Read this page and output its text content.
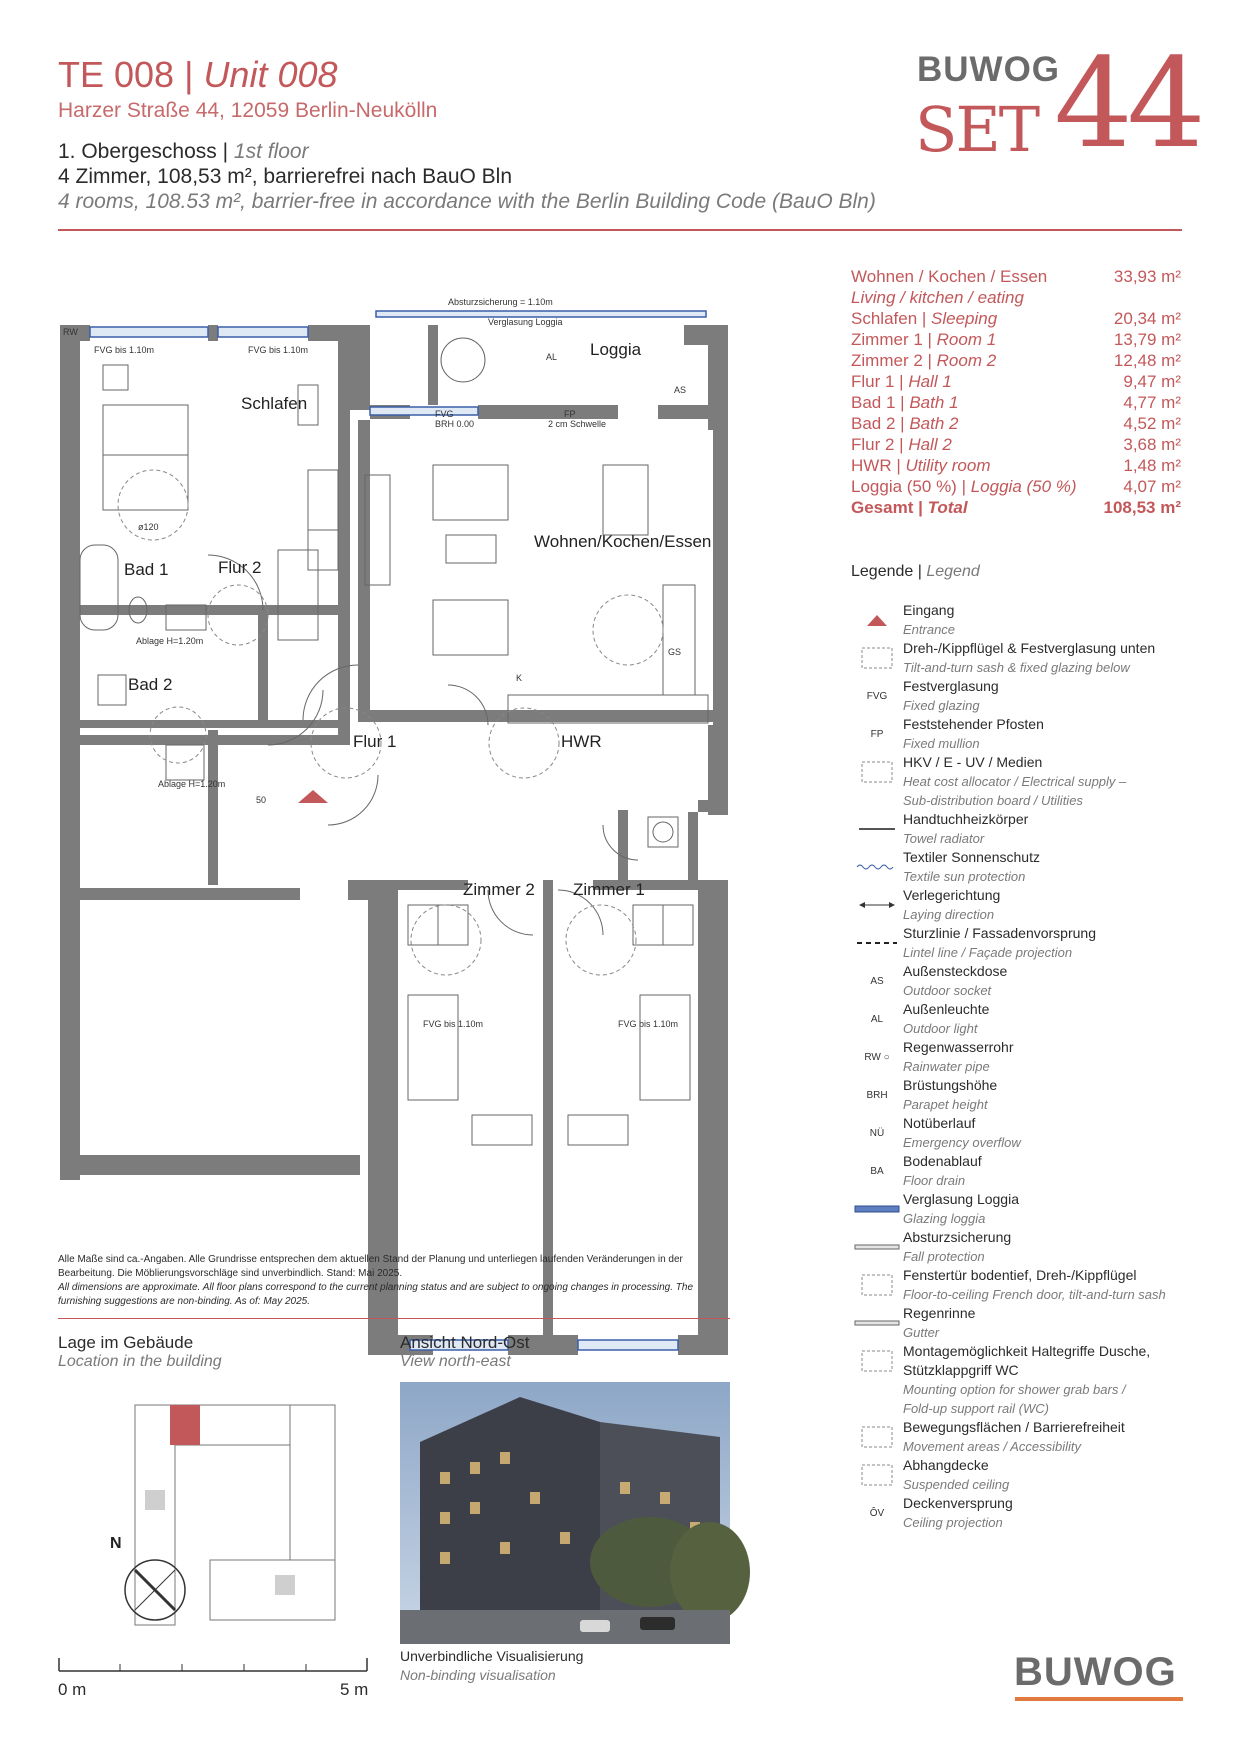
TE 008 | Unit 008
Harzer Straße 44, 12059 Berlin-Neukölln
1. Obergeschoss | 1st floor
4 Zimmer, 108,53 m², barrierefrei nach BauO Bln
4 rooms, 108.53 m², barrier-free in accordance with the Berlin Building Code (BauO Bln)
BUWOG
SET 44
Wohnen / Kochen / Essen	33,93 m²
Living / kitchen / eating
Schlafen | Sleeping	20,34 m²
Zimmer 1 | Room 1	13,79 m²
Zimmer 2 | Room 2	12,48 m²
Flur 1 | Hall 1	9,47 m²
Bad 1 | Bath 1	4,77 m²
Bad 2 | Bath 2	4,52 m²
Flur 2 | Hall 2	3,68 m²
HWR | Utility room	1,48 m²
Loggia (50 %) | Loggia (50 %)	4,07 m²
Gesamt | Total	108,53 m²
Legende | Legend
Eingang
Entrance
Dreh-/Kippflügel & Festverglasung unten
Tilt-and-turn sash & fixed glazing below
FVG
Festverglasung
Fixed glazing
FP
Feststehender Pfosten
Fixed mullion
HKV / E - UV / Medien
Heat cost allocator / Electrical supply –
Sub-distribution board / Utilities
Handtuchheizkörper
Towel radiator
Textiler Sonnenschutz
Textile sun protection
Verlegerichtung
Laying direction
Sturzlinie / Fassadenvorsprung
Lintel line / Façade projection
AS
Außensteckdose
Outdoor socket
AL
Außenleuchte
Outdoor light
RW ○
Regenwasserrohr
Rainwater pipe
BRH
Brüstungshöhe
Parapet height
NÜ
Notüberlauf
Emergency overflow
BA
Bodenablauf
Floor drain
Verglasung Loggia
Glazing loggia
Absturzsicherung
Fall protection
Fenstertür bodentief, Dreh-/Kippflügel
Floor-to-ceiling French door, tilt-and-turn sash
Regenrinne
Gutter
Montagemöglichkeit Haltegriffe Dusche,
Stützklappgriff WC
Mounting option for shower grab bars /
Fold-up support rail (WC)
Bewegungsflächen / Barrierefreiheit
Movement areas / Accessibility
Abhangdecke
Suspended ceiling
ÔV
Deckenversprung
Ceiling projection
Schlafen
Wohnen/Kochen/Essen
Loggia
Bad 1	Flur 2
Bad 2
Flur 1	HWR
Zimmer 2 Zimmer 1
FVG bis 1.10m	FVG bis 1.10m
FVG bis 1.10m	FVG bis 1.10m
FVG
BRH 0.00
FP
2 cm Schwelle
Absturzsicherung = 1.10m
Verglasung Loggia
AL
AS
RW
ø120
Ablage H=1.20m
Ablage H=1.20m
K
GS
50
Alle Maße sind ca.-Angaben. Alle Grundrisse entsprechen dem aktuellen Stand der Planung und unterliegen laufenden Veränderungen in der Bearbeitung. Die Möblierungsvorschläge sind unverbindlich. Stand: Mai 2025.
All dimensions are approximate. All floor plans correspond to the current planning status and are subject to ongoing changes in processing. The furnishing suggestions are non-binding. As of: May 2025.
Lage im Gebäude
Location in the building
N
0 m	5 m
Ansicht Nord-Ost
View north-east
Unverbindliche Visualisierung
Non-binding visualisation	BUWOG
